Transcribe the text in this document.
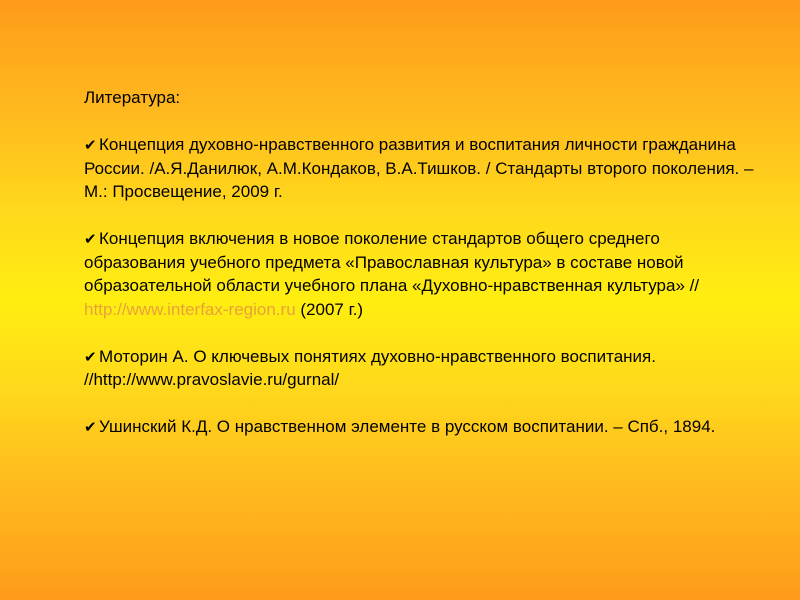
Литература:

✔ Концепция духовно-нравственного развития и воспитания личности гражданина России. /А.Я.Данилюк, А.М.Кондаков, В.А.Тишков. / Стандарты второго поколения. – М.: Просвещение, 2009 г.

✔ Концепция включения в новое поколение стандартов общего среднего образования учебного предмета «Православная культура» в составе новой образоательной области учебного плана «Духовно-нравственная культура» // http://www.interfax-region.ru (2007 г.)

✔ Моторин А. О ключевых понятиях духовно-нравственного воспитания. //http://www.pravoslavie.ru/gurnal/

✔ Ушинский К.Д. О нравственном элементе в русском воспитании. – Спб., 1894.
